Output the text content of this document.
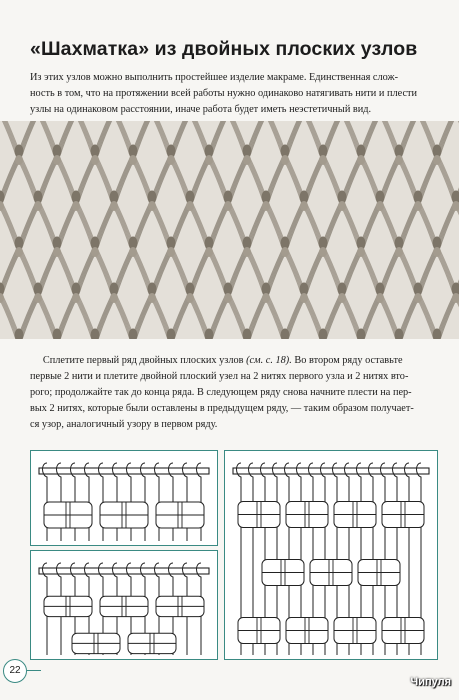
«Шахматка» из двойных плоских узлов

Из этих узлов можно выполнить простейшее изделие макраме. Единственная слож-
ность в том, что на протяжении всей работы нужно одинаково натягивать нити и плести
узлы на одинаковом расстоянии, иначе работа будет иметь неэстетичный вид.

  Сплетите первый ряд двойных плоских узлов (см. с. 18). Во втором ряду оставьте
первые 2 нити и плетите двойной плоский узел на 2 нитях первого узла и 2 нитях вто-
рого; продолжайте так до конца ряда. В следующем ряду снова начните плести на пер-
вых 2 нитях, которые были оставлены в предыдущем ряду, — таким образом получает-
ся узор, аналогичный узору в первом ряду.

22
Чипуля
